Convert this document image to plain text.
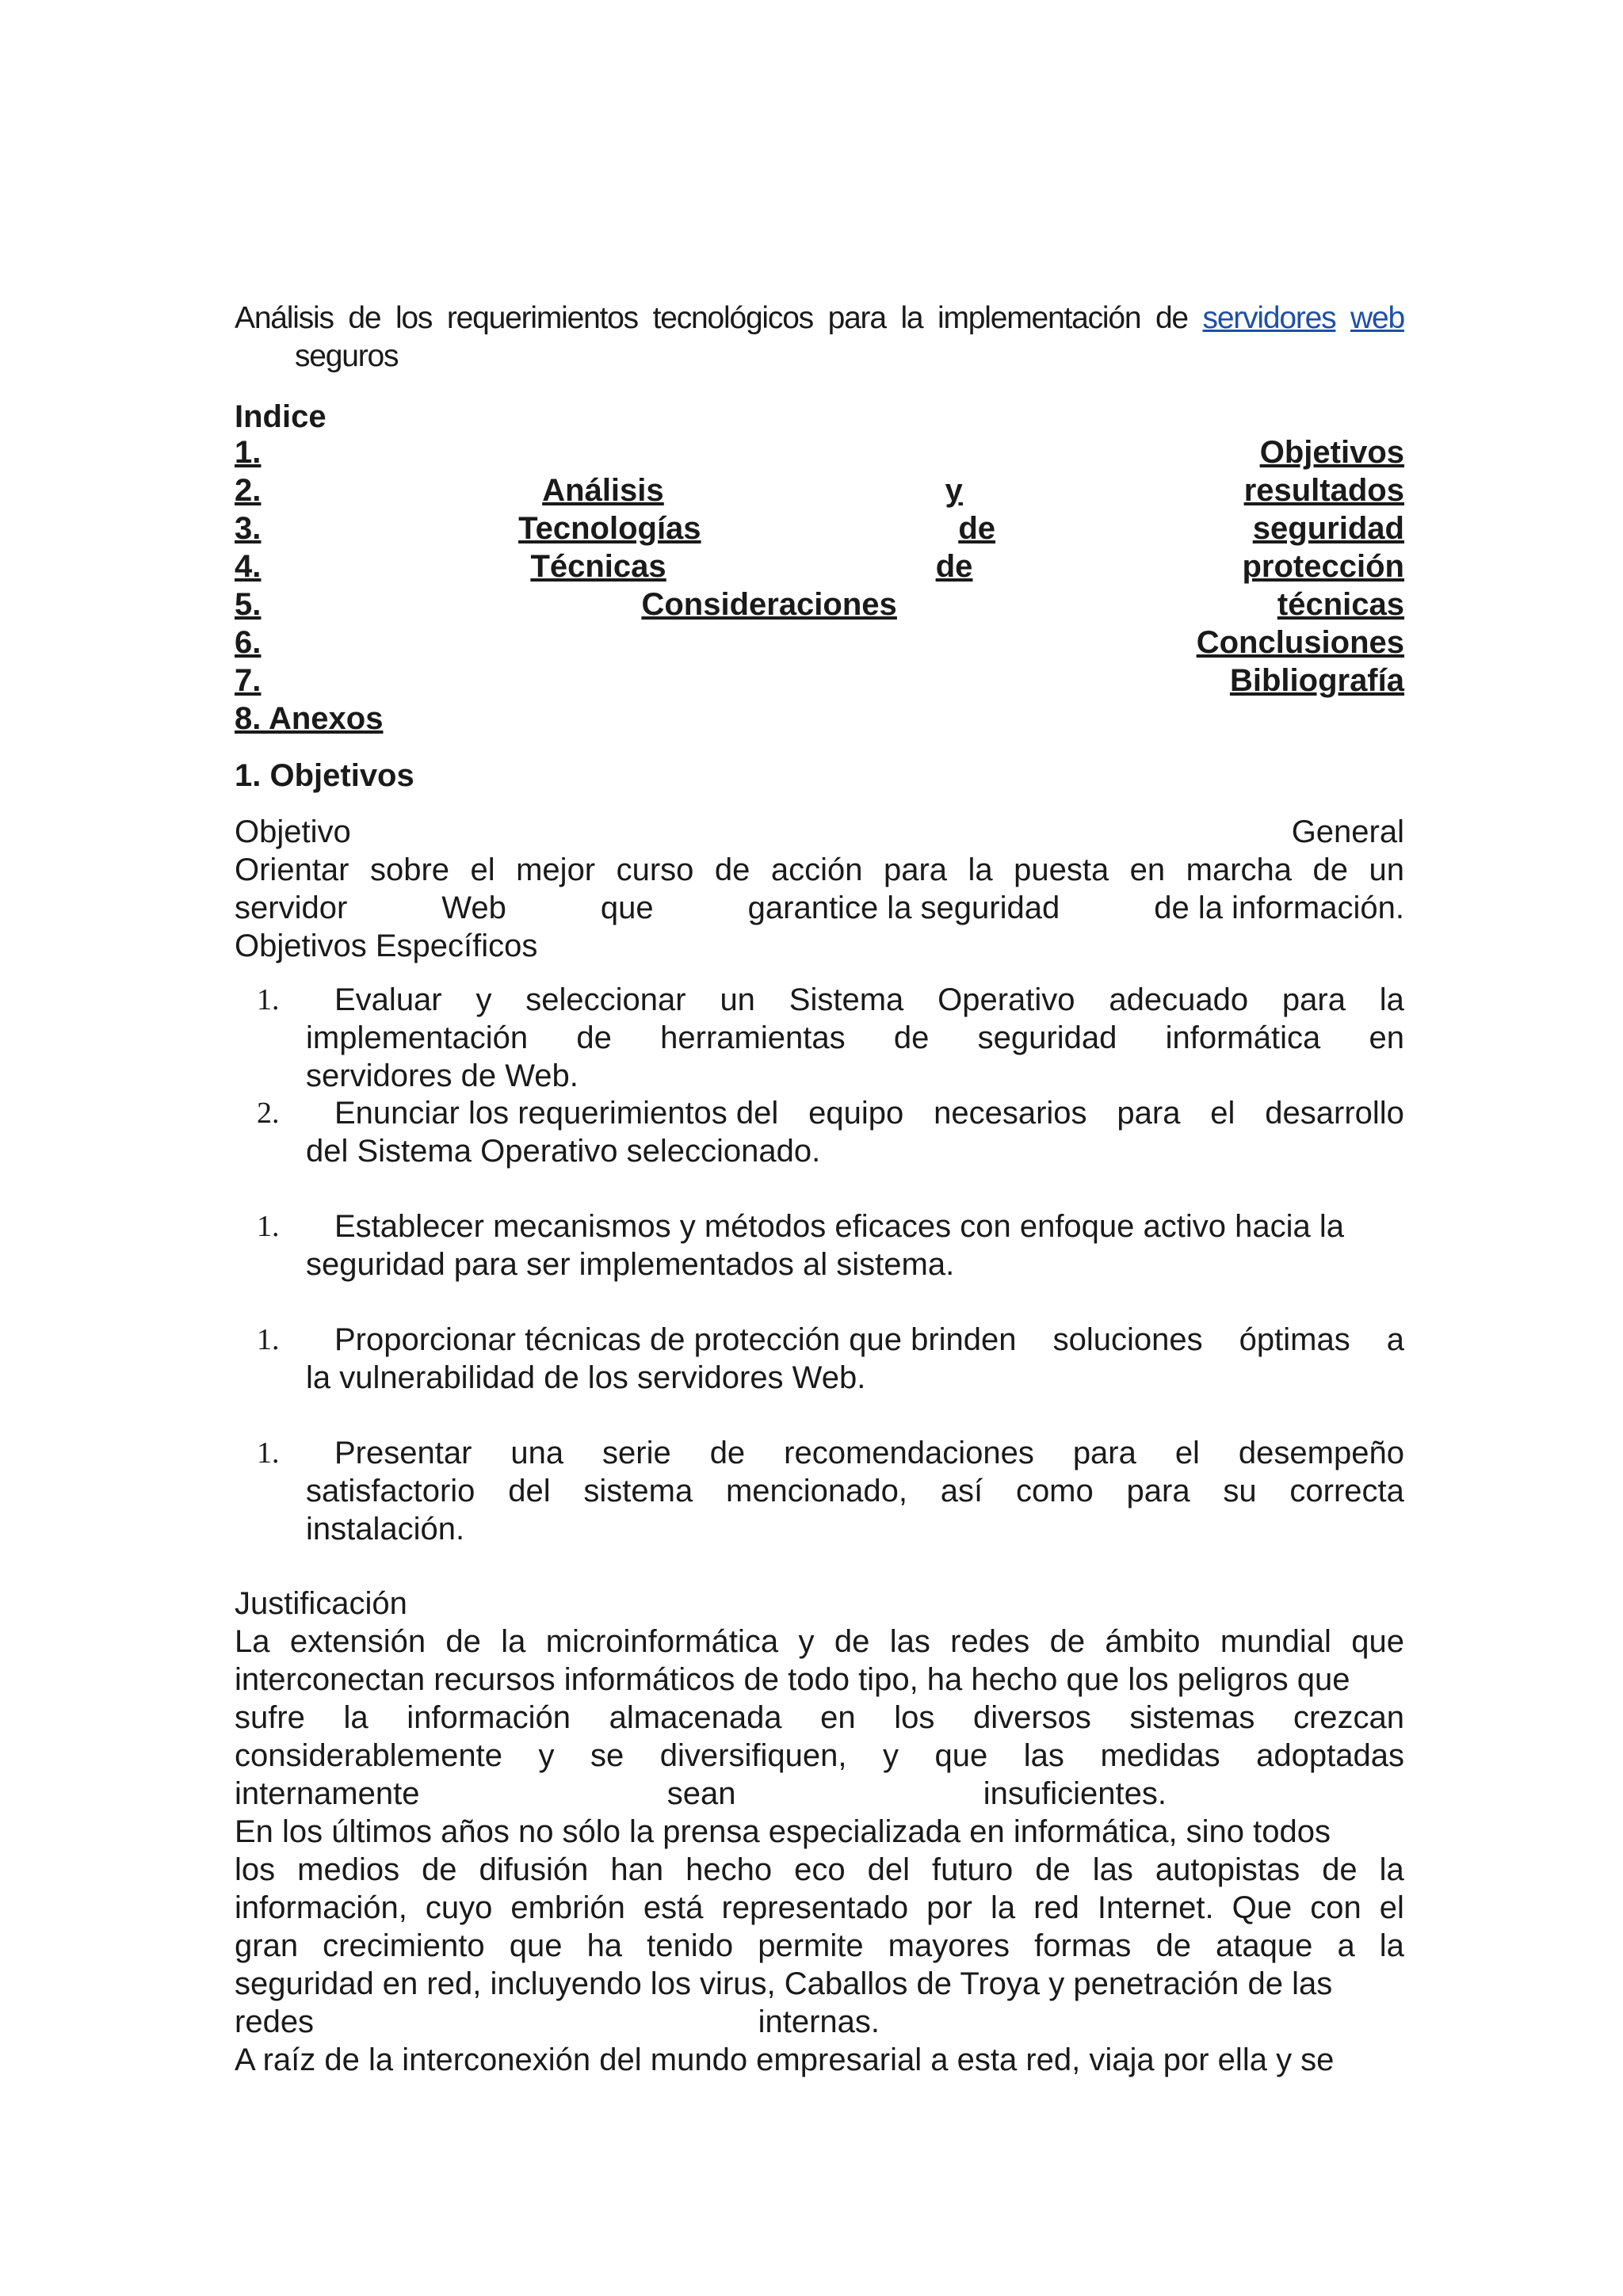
Análisis de los requerimientos tecnológicos para la implementación de servidores web
seguros
Indice
1.	Objetivos
2.	Análisis	y	resultados
3.	Tecnologías	de	seguridad
4.	Técnicas	de	protección
5.	Consideraciones	técnicas
6.	Conclusiones
7.	Bibliografía
8. Anexos
1. Objetivos
Objetivo	General
Orientar sobre el mejor curso de acción para la puesta en marcha de un
servidor	Web	que	garantice la seguridad	de la información.
Objetivos Específicos
1. Evaluar y seleccionar un Sistema Operativo adecuado para la
implementación de herramientas de seguridad informática en
servidores de Web.
2. Enunciar los requerimientos del equipo necesarios para el desarrollo
del Sistema Operativo seleccionado.
1. Establecer mecanismos y métodos eficaces con enfoque activo hacia la
seguridad para ser implementados al sistema.
1. Proporcionar técnicas de protección que brinden soluciones óptimas a
la vulnerabilidad de los servidores Web.
1. Presentar una serie de recomendaciones para el desempeño
satisfactorio del sistema mencionado, así como para su correcta
instalación.
Justificación
La extensión de la microinformática y de las redes de ámbito mundial que
interconectan recursos informáticos de todo tipo, ha hecho que los peligros que
sufre la información almacenada en los diversos sistemas crezcan
considerablemente y se diversifiquen, y que las medidas adoptadas
internamente	sean	insuficientes.
En los últimos años no sólo la prensa especializada en informática, sino todos
los medios de difusión han hecho eco del futuro de las autopistas de la
información, cuyo embrión está representado por la red Internet. Que con el
gran crecimiento que ha tenido permite mayores formas de ataque a la
seguridad en red, incluyendo los virus, Caballos de Troya y penetración de las
redes	internas.
A raíz de la interconexión del mundo empresarial a esta red, viaja por ella y se
